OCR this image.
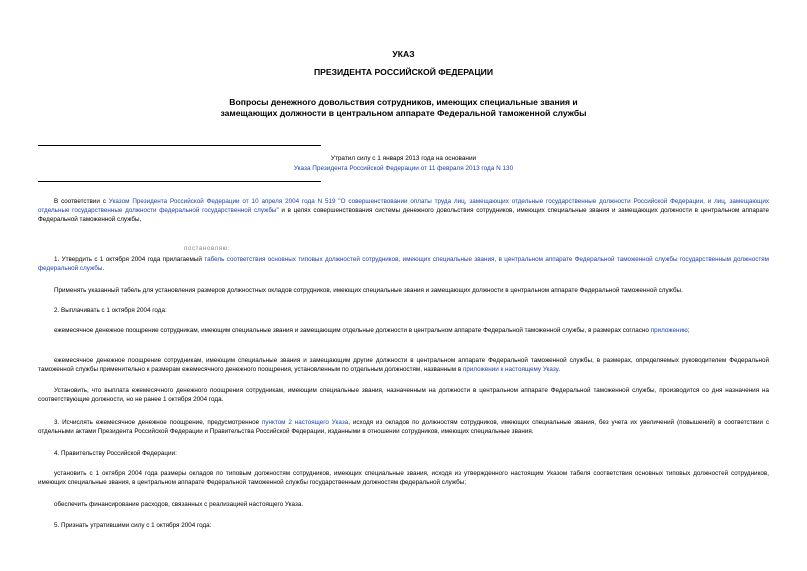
УКАЗ
ПРЕЗИДЕНТА РОССИЙСКОЙ ФЕДЕРАЦИИ
Вопросы денежного довольствия сотрудников, имеющих специальные звания и замещающих должности в центральном аппарате Федеральной таможенной службы
Утратил силу с 1 января 2013 года на основании
Указа Президента Российской Федерации от 11 февраля 2013 года N 130

В соответствии с Указом Президента Российской Федерации от 10 апреля 2004 года N 519 "О совершенствовании оплаты труда лиц, замещающих отдельные государственные должности Российской Федерации, и лиц, замещающих отдельные государственные должности федеральной государственной службы" и в целях совершенствования системы денежного довольствия сотрудников, имеющих специальные звания и замещающих должности в центральном аппарате Федеральной таможенной службы,

постановляю:

1. Утвердить с 1 октября 2004 года прилагаемый табель соответствия основных типовых должностей сотрудников, имеющих специальные звания, в центральном аппарате Федеральной таможенной службы государственным должностям федеральной службы.

Применять указанный табель для установления размеров должностных окладов сотрудников, имеющих специальные звания и замещающих должности в центральном аппарате Федеральной таможенной службы.

2. Выплачивать с 1 октября 2004 года:

ежемесячное денежное поощрение сотрудникам, имеющим специальные звания и замещающим отдельные должности в центральном аппарате Федеральной таможенной службы, в размерах согласно приложению;

ежемесячное денежное поощрение сотрудникам, имеющим специальные звания и замещающим другие должности в центральном аппарате Федеральной таможенной службы, в размерах, определяемых руководителем Федеральной таможенной службы применительно к размерам ежемесячного денежного поощрения, установленным по отдельным должностям, названным в приложении к настоящему Указу.

Установить, что выплата ежемесячного денежного поощрения сотрудникам, имеющим специальные звания, назначенным на должности в центральном аппарате Федеральной таможенной службы, производится со дня назначения на соответствующие должности, но не ранее 1 октября 2004 года.

3. Исчислять ежемесячное денежное поощрение, предусмотренное пунктом 2 настоящего Указа, исходя из окладов по должностям сотрудников, имеющих специальные звания, без учета их увеличений (повышений) в соответствии с отдельными актами Президента Российской Федерации и Правительства Российской Федерации, изданными в отношении сотрудников, имеющих специальные звания.

4. Правительству Российской Федерации:

установить с 1 октября 2004 года размеры окладов по типовым должностям сотрудников, имеющих специальные звания, исходя из утвержденного настоящим Указом табеля соответствия основных типовых должностей сотрудников, имеющих специальные звания, в центральном аппарате Федеральной таможенной службы государственным должностям федеральной службы;

обеспечить финансирование расходов, связанных с реализацией настоящего Указа.

5. Признать утратившими силу с 1 октября 2004 года:
